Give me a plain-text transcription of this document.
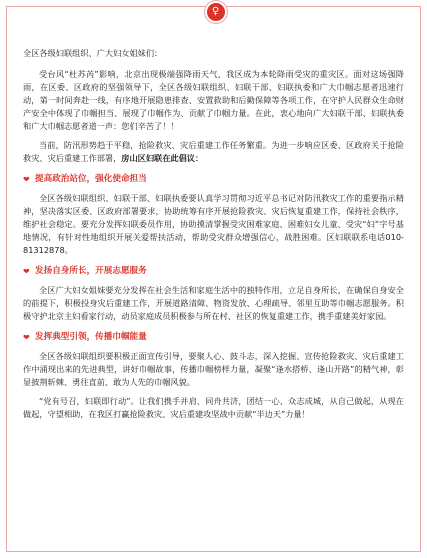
♀

全区各级妇联组织、广大妇女姐妹们：

受台风“杜苏芮”影响，北京出现极端强降雨天气，我区成为本轮降雨受灾的重灾区。面对这场强降雨，在区委、区政府的坚强领导下，全区各级妇联组织、妇联干部、妇联执委和广大巾帼志愿者迅速行动，第一时间奔赴一线，有序地开展隐患排查、安置救助和后勤保障等各项工作，在守护人民群众生命财产安全中体现了巾帼担当、展现了巾帼作为、贡献了巾帼力量。在此，衷心地向广大妇联干部、妇联执委和广大巾帼志愿者道一声：您们辛苦了！！

当前，防汛形势趋于平稳，抢险救灾、灾后重建工作任务繁重。为进一步响应区委、区政府关于抢险救灾、灾后重建工作部署，房山区妇联在此倡议：

❤ 提高政治站位，强化使命担当

全区各级妇联组织、妇联干部、妇联执委要认真学习贯彻习近平总书记对防汛救灾工作的重要指示精神，坚决落实区委、区政府部署要求，协助统筹有序开展抢险救灾、灾后恢复重建工作，保持社会秩序，维护社会稳定。要充分发挥妇联委员作用，协助摸清掌握受灾困难家庭、困难妇女儿童、受灾“妇”字号基地情况，有针对性地组织开展关爱帮扶活动，帮助受灾群众增强信心，战胜困难。区妇联联系电话010-81312878。

❤ 发扬自身所长，开展志愿服务

全区广大妇女姐妹要充分发挥在社会生活和家庭生活中的独特作用，立足自身所长，在确保自身安全的前提下，积极投身灾后重建工作，开展道路清障、物资发放、心理疏导、邻里互助等巾帼志愿服务。积极守护北京主妇看家行动，动员家庭成员积极参与所在村、社区的恢复重建工作，携手重建美好家园。

❤ 发挥典型引领，传播巾帼能量

全区各级妇联组织要积极正面宣传引导，要聚人心、鼓斗志，深入挖掘、宣传抢险救灾、灾后重建工作中涌现出来的先进典型，讲好巾帼故事，传播巾帼榜样力量，凝聚“逢水搭桥、逢山开路”的精气神，彰显披荆斩棘、勇往直前、敢为人先的巾帼风貌。

“党有号召，妇联即行动”。让我们携手并肩、同舟共济，团结一心、众志成城，从自己做起，从现在做起，守望相助，在我区打赢抢险救灾、灾后重建攻坚战中贡献“半边天”力量！
